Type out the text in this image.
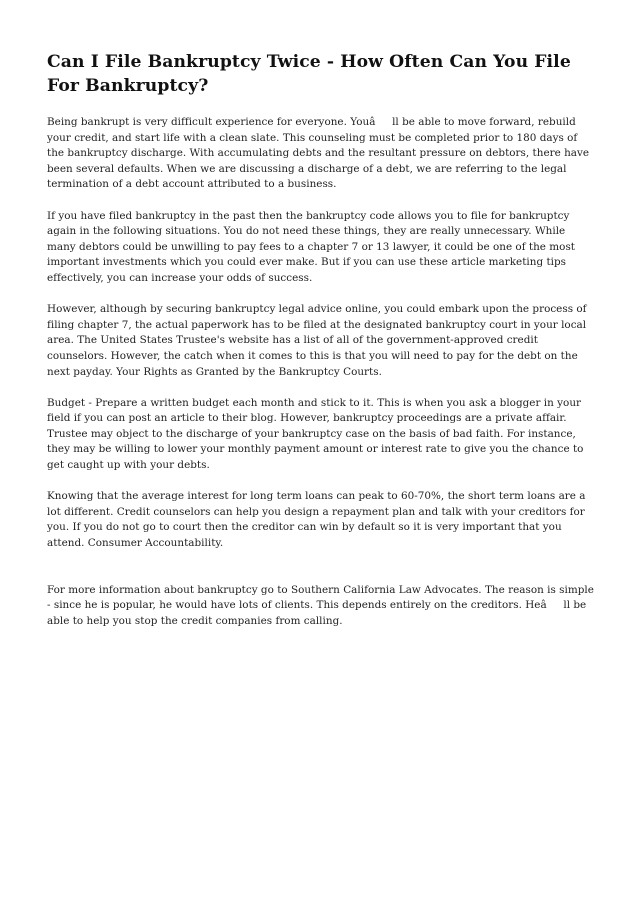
Can I File Bankruptcy Twice - How Often Can You File For Bankruptcy?

Being bankrupt is very difficult experience for everyone. Youâll be able to move forward, rebuild your credit, and start life with a clean slate. This counseling must be completed prior to 180 days of the bankruptcy discharge. With accumulating debts and the resultant pressure on debtors, there have been several defaults. When we are discussing a discharge of a debt, we are referring to the legal termination of a debt account attributed to a business.

If you have filed bankruptcy in the past then the bankruptcy code allows you to file for bankruptcy again in the following situations. You do not need these things, they are really unnecessary. While many debtors could be unwilling to pay fees to a chapter 7 or 13 lawyer, it could be one of the most important investments which you could ever make. But if you can use these article marketing tips effectively, you can increase your odds of success.

However, although by securing bankruptcy legal advice online, you could embark upon the process of filing chapter 7, the actual paperwork has to be filed at the designated bankruptcy court in your local area. The United States Trustee's website has a list of all of the government-approved credit counselors. However, the catch when it comes to this is that you will need to pay for the debt on the next payday. Your Rights as Granted by the Bankruptcy Courts.

Budget - Prepare a written budget each month and stick to it. This is when you ask a blogger in your field if you can post an article to their blog. However, bankruptcy proceedings are a private affair. Trustee may object to the discharge of your bankruptcy case on the basis of bad faith. For instance, they may be willing to lower your monthly payment amount or interest rate to give you the chance to get caught up with your debts.

Knowing that the average interest for long term loans can peak to 60-70%, the short term loans are a lot different. Credit counselors can help you design a repayment plan and talk with your creditors for you. If you do not go to court then the creditor can win by default so it is very important that you attend. Consumer Accountability.

For more information about bankruptcy go to Southern California Law Advocates. The reason is simple - since he is popular, he would have lots of clients. This depends entirely on the creditors. Heâll be able to help you stop the credit companies from calling.
